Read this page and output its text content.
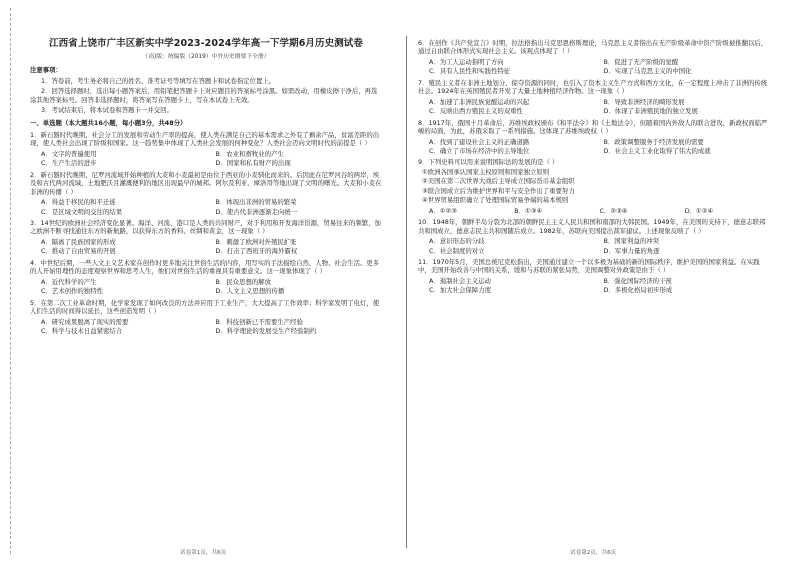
江西省上饶市广丰区新实中学2023-2024学年高一下学期6月历史测试卷
（高)版：统编版（2019）中外历史纲要下全册）
注意事项：
1．答卷前，考生务必将自己的姓名、准考证号等填写在答题卡和试卷指定位置上。
2．回答选择题时，选出每小题答案后，用铅笔把答题卡上对应题目的答案标号涂黑。如需改动，用橡皮擦干净后，再选涂其他答案标号。回答非选择题时，将答案写在答题卡上，写在本试卷上无效。
3．考试结束后，将本试卷和答题卡一并交回。
一、单选题（本大题共16小题，每小题3分，共48分）
1．新石器时代晚期，社会分工的发展和劳动生产率的提高，使人类在满足自己的基本需求之外有了剩余产品，贫富差距的出现，使人类社会出现了阶级和国家。这一趋势集中体现了人类社会发展的何种变化？人类社会迈向文明时代的前提是（ ）
A．文字的普遍使用	B．农业和畜牧业的产生
C．生产生活的进步	D．国家和私有财产的出现
2．新石器时代晚期，尼罗河流域开始种植的大麦和小麦最初是由位于西亚的小麦驯化而来的。后因此在尼罗河谷的两岸，埃及和古代两河流域，土地肥沃且灌溉便利的地区出现最早的城邦。阿尔及利亚、摩洛哥等地出现了文明的曙光。大麦和小麦在非洲的传播（ ）
A．得益于移民的和平迁徙	B．体现出非洲的贸易的繁荣
C．是区域文明间交往的结果	D．使古代非洲逐渐走向统一
3．14世纪的欧洲社会经济变化显著。海洋、河流、港口是人类的共同财产，对于利用和开发海洋资源，贸易往来的频繁，加之欧洲不断寻找通往东方的新航路，以获得东方的香料、丝绸和黄金，这一现象（ ）
A．隔离了民族国家的形成	B．刺激了欧洲对外殖民扩张
C．推动了自由贸易的开展	D．打击了西班牙的海外霸权
4．中世纪后期，一些人文主义艺术家在创作时更多地关注世俗生活的内容，用写实的手法描绘自然、人物、社会生活。更多的人开始用理性的态度观察世界和思考人生，他们对世俗生活的重视具有重要意义。这一现象体现了（ ）
A．近代科学的产生	B．民众思想的解放
C．艺术创作的独特性	D．人文主义思想的传播
5．在第二次工业革命时期，化学家发现了如何改良的方法并应用于工业生产，大大提高了工作效率；科学家发明了电灯，使人们生活的时间得以延长，这些创造发明（ ）
A．研究成果脱离了现实的需要	B．科技创新已不需要生产经验
C．科学与技术日益紧密结合	D．科学理论的发展受生产经验制约
6．在创作《共产党宣言》时期，拉法格指出马克思恩格斯理论，马克思主义者指出在无产阶级革命中资产阶级被推翻以后，通过自由联合体形式实现社会主义。该观点体现了（ ）
A．为工人运动指明了方向	B．促进了无产阶级的觉醒
C．具有人民性和实践性特征	D．实现了马克思主义的中国化
7．殖民主义者在非洲土地划分、掠夺资源的同时，也引入了资本主义生产方式和西方文化，在一定程度上冲击了非洲的传统社会。1924年在英国殖民者开发了大量土地种植经济作物。这一现象（ ）
A．加速了非洲民族觉醒运动的兴起	B．导致非洲经济的畸形发展
C．反映出西方殖民主义的双重性	D．体现了非洲殖民地的独立发展
8．1917年，俄国十月革命后，苏维埃政权颁布《和平法令》和《土地法令》，但随着国内外敌人的联合进攻，新政权面临严峻的局面，为此，苏俄采取了一系列措施。这体现了苏维埃政权（ ）
A．找到了建设社会主义的正确道路	B．政策调整服务于经济发展的需要
C．确立了市场在经济中的主导地位	D．社会主义工业化取得了伟大的成就
9．下列史料可以用来说明国际法的发展的是（ ）
①欧洲各国承认国家主权原则和国家独立原则
②美国在第二次世界大战后主导成立国际货币基金组织
③联合国成立后为维护世界和平与安全作出了重要努力
④世界贸易组织确立了处理国际贸易争端的基本规则
A．①②③	B．①③④	C．②③④	D．①②④
10．1948年，朝鲜半岛分裂为北部的朝鲜民主主义人民共和国和南部的大韩民国。1949年，在美国的支持下，德意志联邦共和国成立，德意志民主共和国随后成立。1982年，苏联向美国提出裁军建议。上述现象反映了（ ）
A．意识形态的分歧	B．国家利益的冲突
C．社会制度的对立	D．军事力量的角逐
11．1970年5月，美国总统尼克松指出，美国通过建立一个以多极为基础的新的国际秩序，维护美国的国家利益。在实践中，美国开始改善与中国的关系，缓和与苏联的紧张局势，美国调整对外政策是由于（ ）
A．遏制社会主义运动	B．强化国际经济的干预
C．加大社会保障力度	D．多极化格局初步形成
试卷第1页，共6页	试卷第2页，共6页
